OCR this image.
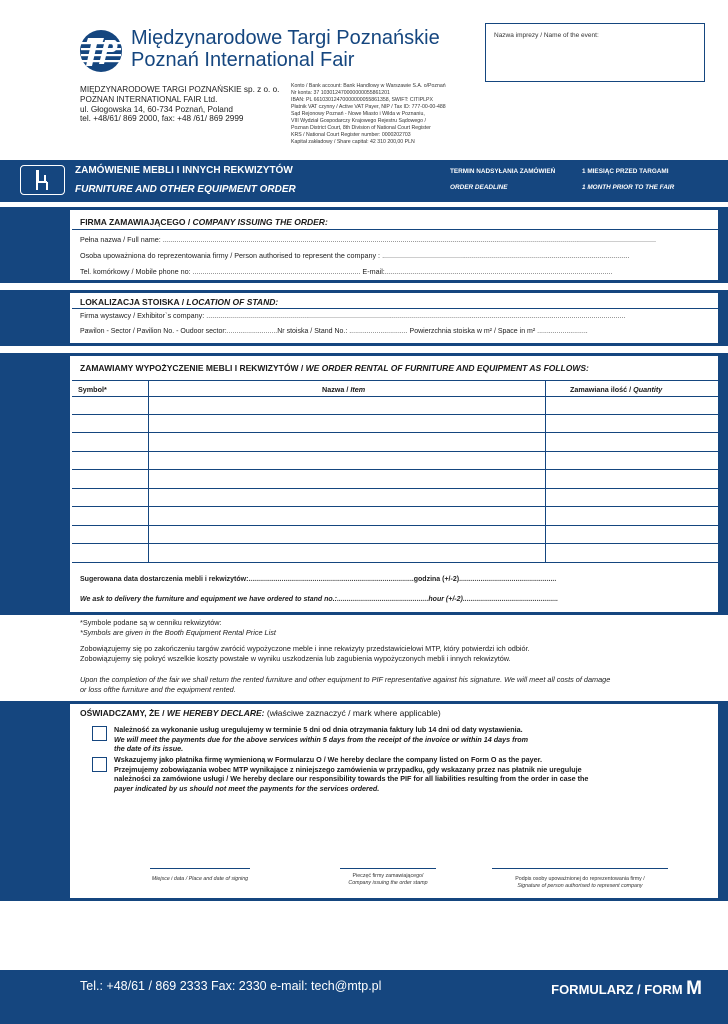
Międzynarodowe Targi Poznańskie
Poznań International Fair
Nazwa imprezy / Name of the event:
MIĘDZYNARODOWE TARGI POZNAŃSKIE sp. z o. o.
POZNAN INTERNATIONAL FAIR Ltd.
ul. Głogowska 14, 60-734 Poznań, Poland
tel. +48/61/ 869 2000, fax: +48 /61/ 869 2999
Konto / Bank account: Bank Handlowy w Warszawie S.A. o/Poznań
Nr konta: 37 103012470000000055861201
IBAN: PL 66103012470000000055861358, SWIFT: CITIPLPX
Płatnik VAT czynny / Active VAT Payer, NIP / Tax ID: 777-00-00-488
Sąd Rejonowy Poznań - Nowe Miasto i Wilda w Poznaniu,
VIII Wydział Gospodarczy Krajowego Rejestru Sądowego /
Poznan District Court, 8th Division of National Court Register
KRS / National Court Register number: 0000202703
Kapitał zakładowy / Share capital: 42 310 200,00 PLN
ZAMÓWIENIE MEBLI I INNYCH REKWIZYTÓW
FURNITURE AND OTHER EQUIPMENT ORDER
TERMIN NADSYŁANIA ZAMÓWIEŃ
ORDER DEADLINE
1 MIESIĄC PRZED TARGAMI
1 MONTH PRIOR TO THE FAIR
FIRMA ZAMAWIAJĄCEGO / COMPANY ISSUING THE ORDER:
Pełna nazwa / Full name: .......................................................................................................................................................................................................................................................
Osoba upoważniona do reprezentowania firmy / Person authorised to represent the company : ............................................................................................................................
Tel. komórkowy / Mobile phone no: .................................................................................... E-mail:..................................................................................................................
LOKALIZACJA STOISKA / LOCATION OF STAND:
Firma wystawcy / Exhibitor`s company: ..................................................................................................................................................................................................................
Pawilon - Sector / Pavilion No. - Oudoor sector:..........................Nr stoiska / Stand No.: .............................. Powierzchnia stoiska w m² / Space in m² ..........................
ZAMAWIAMY WYPOŻYCZENIE MEBLI I REKWIZYTÓW / WE ORDER RENTAL OF FURNITURE AND EQUIPMENT AS FOLLOWS:
Symbol*	Nazwa / Item	Zamawiana ilość / Quantity
Sugerowana data dostarczenia mebli i rekwizytów:.....................................................................................godzina (+/-2)..................................................
We ask to delivery the furniture and equipment we have ordered to stand no.:...............................................hour (+/-2).................................................
*Symbole podane są w cenniku rekwizytów:
*Symbols are given in the Booth Equipment Rental Price List
Zobowiązujemy się po zakończeniu targów zwrócić wypożyczone meble i inne rekwizyty przedstawicielowi MTP, który potwierdzi ich odbiór.
Zobowiązujemy się pokryć wszelkie koszty powstałe w wyniku uszkodzenia lub zagubienia wypożyczonych mebli i innych rekwizytów.
Upon the completion of the fair we shall return the rented furniture and other equipment to PIF representative against his signature. We will meet all costs of damage
or loss ofthe furniture and the equipment rented.
OŚWIADCZAMY, ŻE / WE HEREBY DECLARE: (właściwe zaznaczyć / mark where applicable)
Należność za wykonanie usług uregulujemy w terminie 5 dni od dnia otrzymania faktury lub 14 dni od daty wystawienia.
We will meet the payments due for the above services within 5 days from the receipt of the invoice or within 14 days from
the date of its issue.
Wskazujemy jako płatnika firmę wymienioną w Formularzu O / We hereby declare the company listed on Form O as the payer.
Przejmujemy zobowiązania wobec MTP wynikające z niniejszego zamówienia w przypadku, gdy wskazany przez nas płatnik nie ureguluje
należności za zamówione usługi / We hereby declare our responsibility towards the PIF for all liabilities resulting from the order in case the
payer indicated by us should not meet the payments for the services ordered.
Miejsce i data / Place and date of signing	Pieczęć firmy zamawiającego/
Company issuing the order stamp
Podpis osoby upoważnionej do reprezentowania firmy /
Signature of person authorised to represent company
Tel.: +48/61 / 869 2333 Fax: 2330 e-mail: tech@mtp.pl	FORMULARZ / FORM M
